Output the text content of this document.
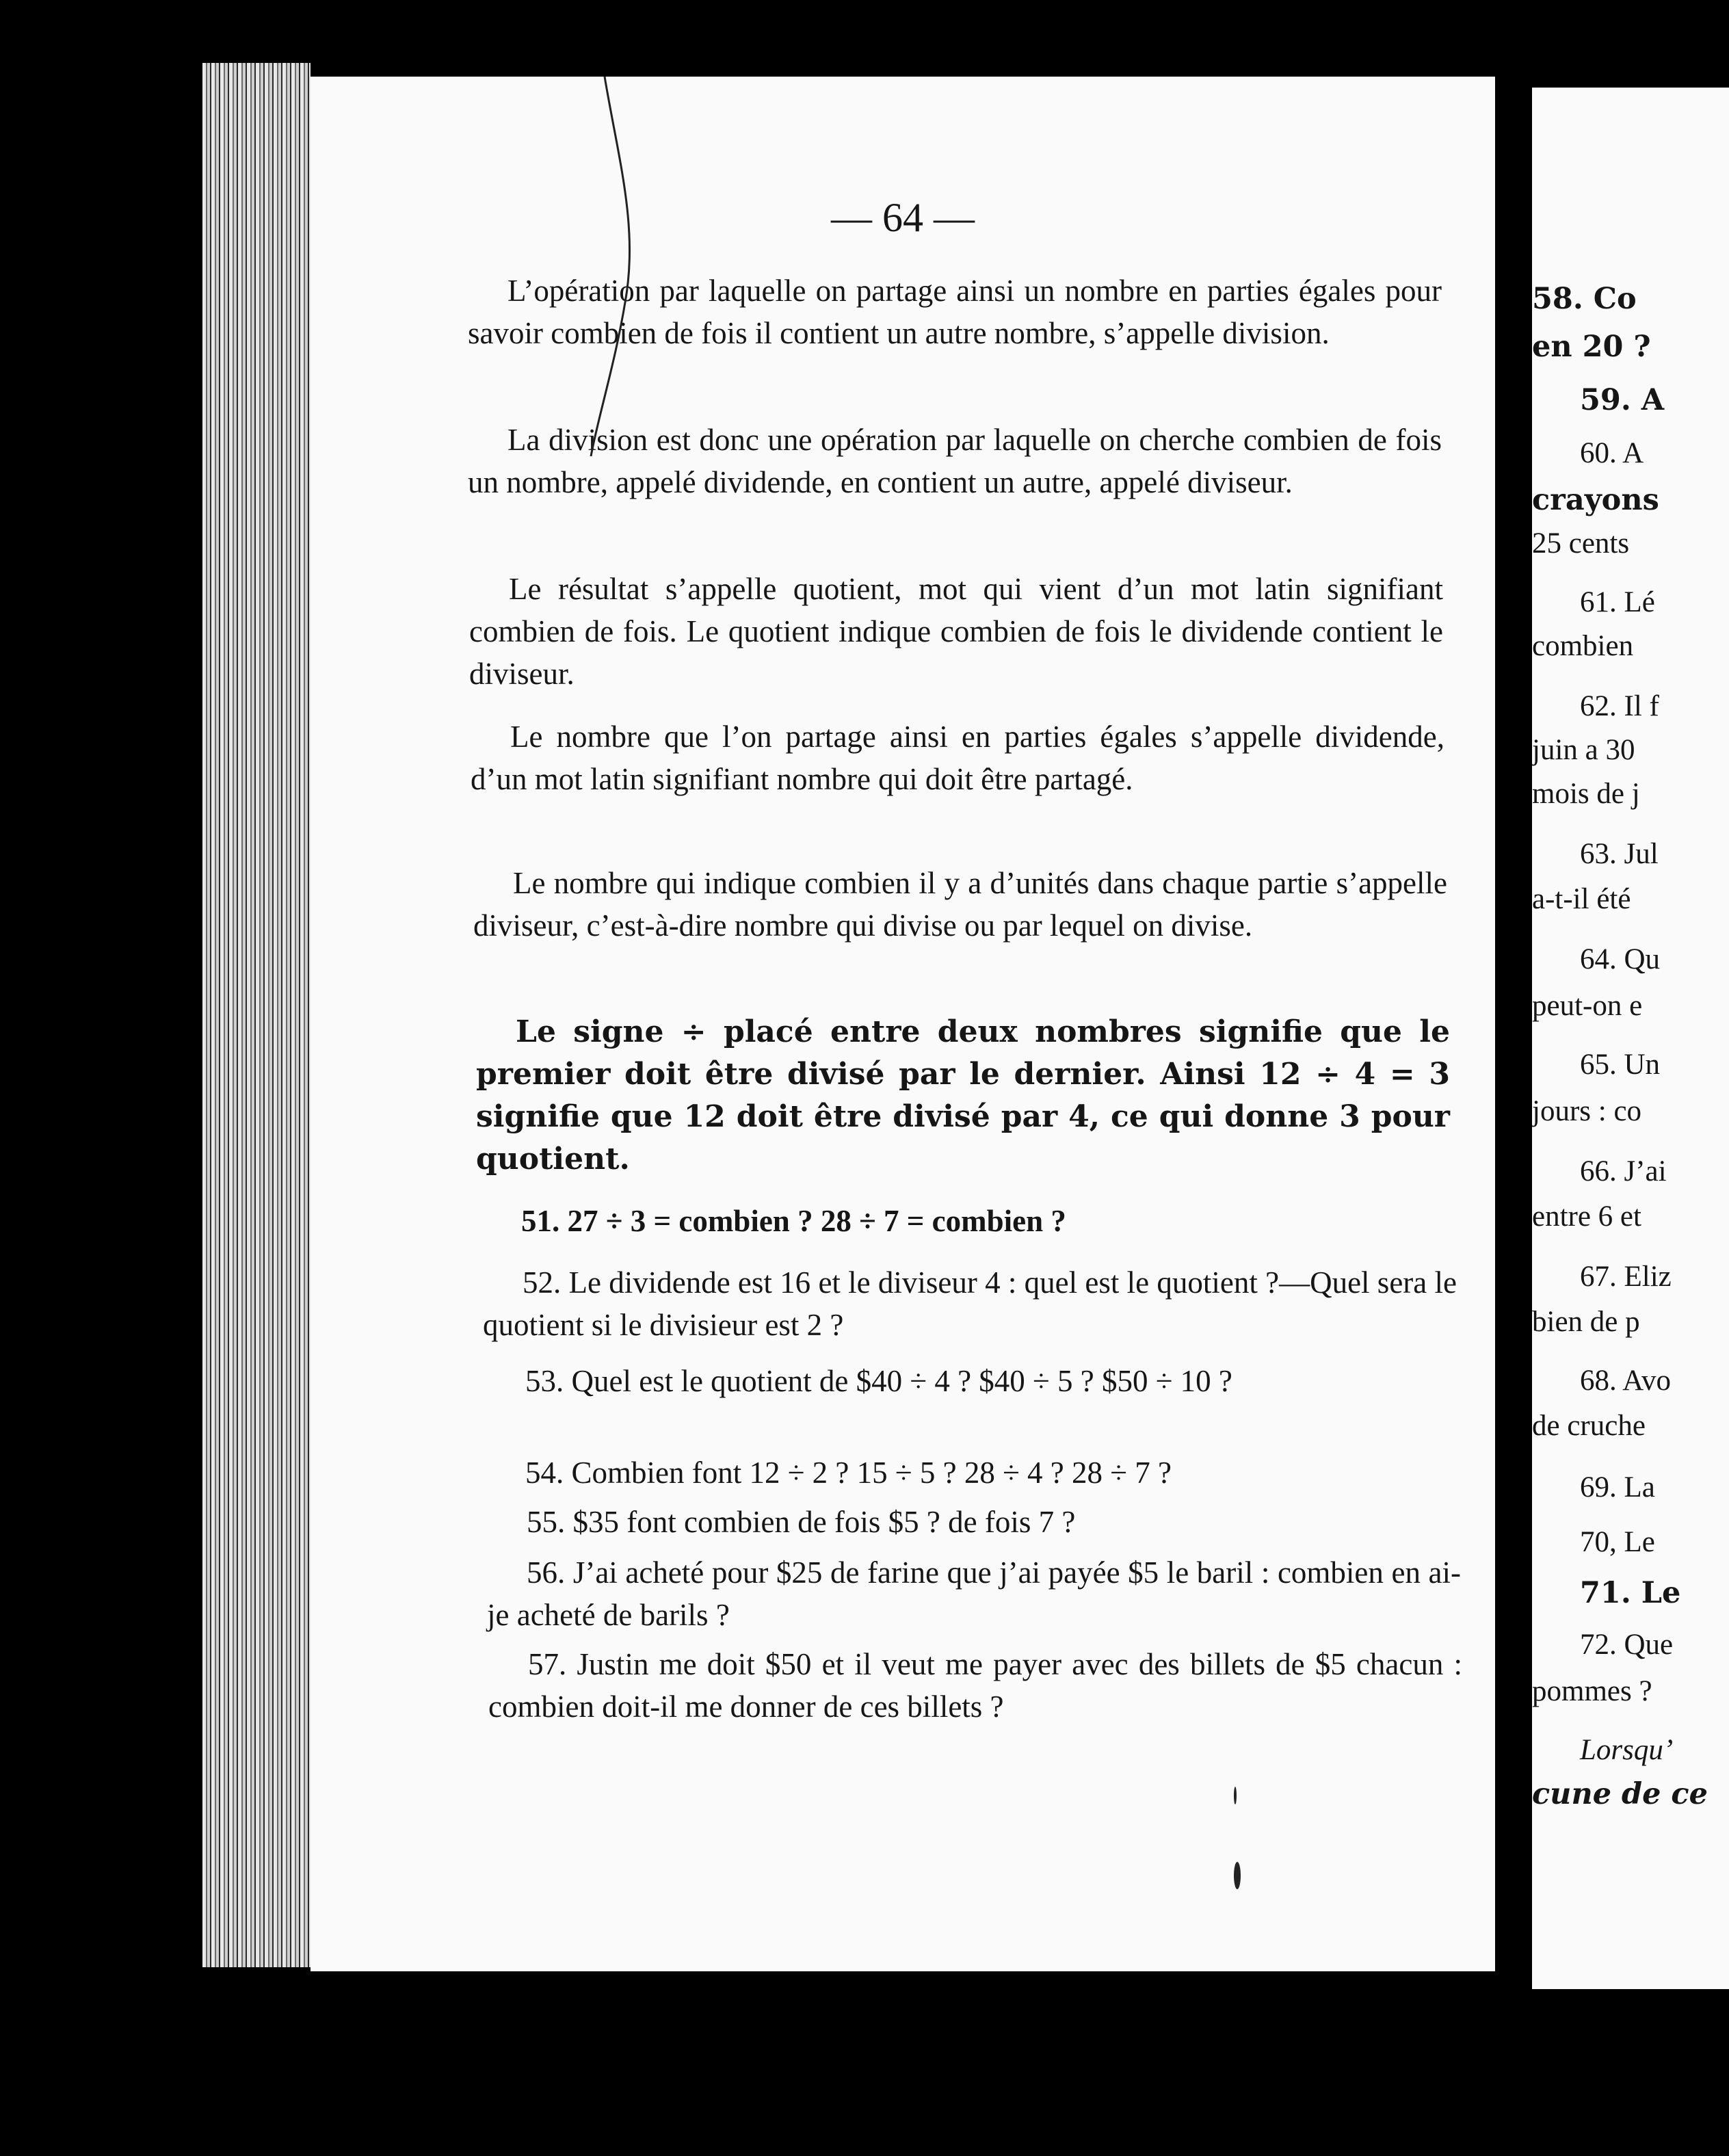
— 64 —
L’opération par laquelle on partage ainsi un nombre en parties égales pour savoir combien de fois il contient un autre nombre, s’appelle division.
La division est donc une opération par laquelle on cherche combien de fois un nombre, appelé dividende, en contient un autre, appelé diviseur.
Le résultat s’appelle quotient, mot qui vient d’un mot latin signifiant combien de fois. Le quotient indique combien de fois le dividende contient le diviseur.
Le nombre que l’on partage ainsi en parties égales s’appelle dividende, d’un mot latin signifiant nombre qui doit être partagé.
Le nombre qui indique combien il y a d’unités dans chaque partie s’appelle diviseur, c’est-à-dire nombre qui divise ou par lequel on divise.
Le signe ÷ placé entre deux nombres signifie que le premier doit être divisé par le dernier. Ainsi 12 ÷ 4 = 3 signifie que 12 doit être divisé par 4, ce qui donne 3 pour quotient.
51. 27 ÷ 3 = combien ? 28 ÷ 7 = combien ?
52. Le dividende est 16 et le diviseur 4 : quel est le quotient ?—Quel sera le quotient si le divisieur est 2 ?
53. Quel est le quotient de $40 ÷ 4 ? $40 ÷ 5 ? $50 ÷ 10 ?
54. Combien font 12 ÷ 2 ? 15 ÷ 5 ? 28 ÷ 4 ? 28 ÷ 7 ?
55. $35 font combien de fois $5 ? de fois 7 ?
56. J’ai acheté pour $25 de farine que j’ai payée $5 le baril : combien en ai-je acheté de barils ?
57. Justin me doit $50 et il veut me payer avec des billets de $5 chacun : combien doit-il me donner de ces billets ?
58. Co
en 20 ?
59. A
60. A
crayons
25 cents
61. Lé
combien
62. Il f
juin a 30
mois de j
63. Jul
a-t-il été
64. Qu
peut-on e
65. Un
jours : co
66. J’ai
entre 6 et
67. Eliz
bien de p
68. Avo
de cruche
69. La
70, Le
71. Le
72. Que
pommes ?
Lorsqu’
cune de ce
